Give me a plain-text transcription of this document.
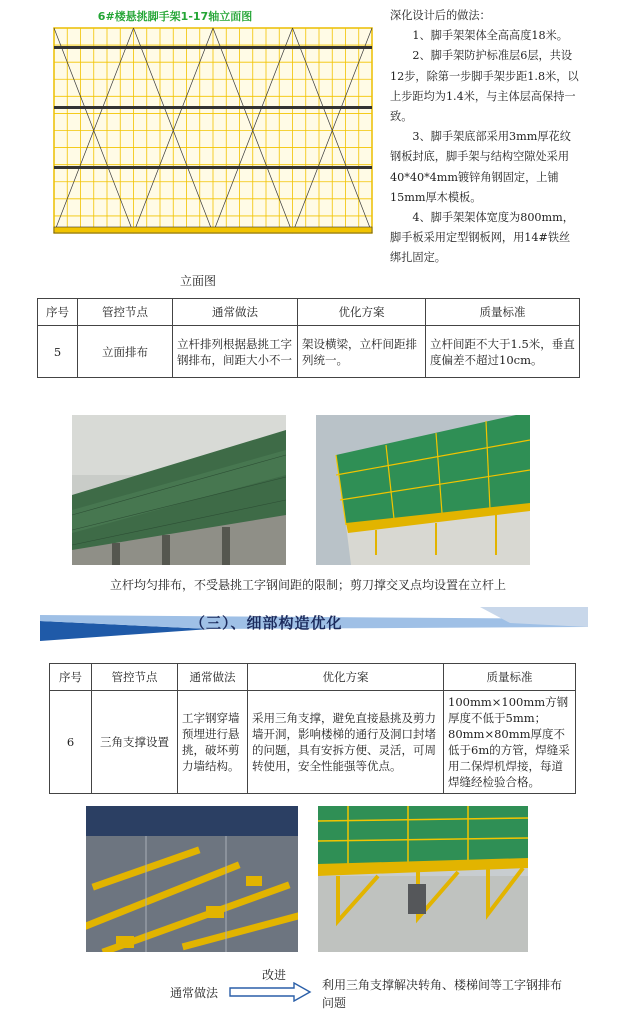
6#楼悬挑脚手架1-17轴立面图
立面图

深化设计后的做法：

1、脚手架架体全高高度18米。

2、脚手架防护标准层6层，共设12步，除第一步脚手架步距1.8米，以上步距均为1.4米，与主体层高保持一致。

3、脚手架底部采用3mm厚花纹钢板封底，脚手架与结构空隙处采用40*40*4mm镀锌角钢固定，上铺15mm厚木模板。

4、脚手架架体宽度为800mm，脚手板采用定型钢板网，用14#铁丝绑扎固定。

序号	管控节点	通常做法	优化方案	质量标准
5	立面排布	立杆排列根据悬挑工字钢排布，间距大小不一	架设横梁，立杆间距排列统一。	立杆间距不大于1.5米，垂直度偏差不超过10cm。
立杆均匀排布，不受悬挑工字钢间距的限制；剪刀撑交叉点均设置在立杆上
（三）、细部构造优化
序号	管控节点	通常做法	优化方案	质量标准
6	三角支撑设置	工字钢穿墙预埋进行悬挑，破坏剪力墙结构。	采用三角支撑，避免直接悬挑及剪力墙开洞，影响楼梯的通行及洞口封堵的问题，具有安拆方便、灵活，可周转使用，安全性能强等优点。	100mm×100mm方钢厚度不低于5mm；80mm×80mm厚度不低于6m的方管，焊缝采用二保焊机焊接，每道焊缝经检验合格。
通常做法
改进
利用三角支撑解决转角、楼梯间等工字钢排布问题
